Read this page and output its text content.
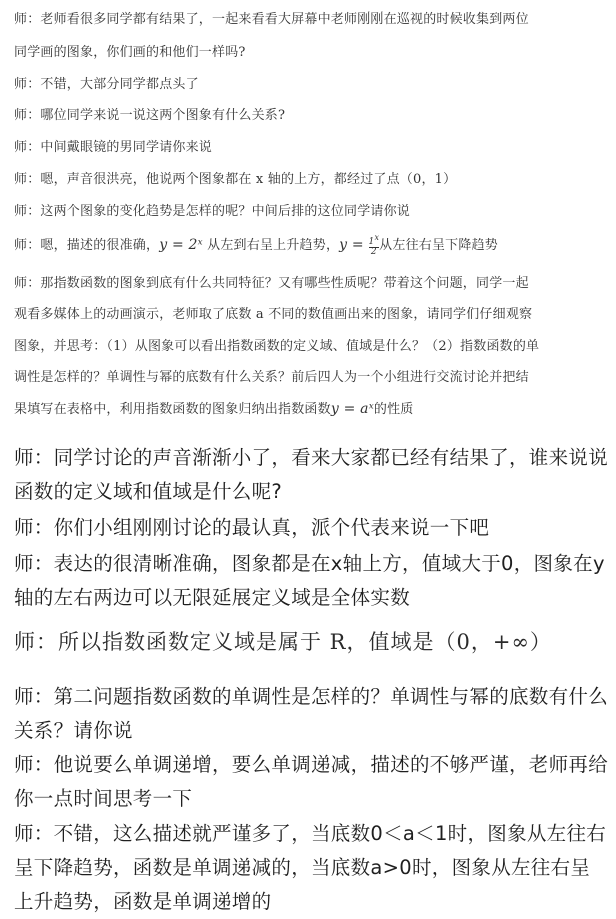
师：老师看很多同学都有结果了，一起来看看大屏幕中老师刚刚在巡视的时候收集到两位
同学画的图象，你们画的和他们一样吗?
师：不错，大部分同学都点头了
师：哪位同学来说一说这两个图象有什么关系?
师：中间戴眼镜的男同学请你来说
师：嗯，声音很洪亮，他说两个图象都在 x 轴的上方，都经过了点（0，1）
师：这两个图象的变化趋势是怎样的呢？中间后排的这位同学请你说
师：嗯，描述的很准确，y = 2ˣ 从左到右呈上升趋势，$y = \frac{1^x}{2}$ 从左往右呈下降趋势
师：那指数函数的图象到底有什么共同特征？又有哪些性质呢？带着这个问题，同学一起
观看多媒体上的动画演示，老师取了底数 a 不同的数值画出来的图象，请同学们仔细观察
图象，并思考：（1）从图象可以看出指数函数的定义域、值域是什么？（2）指数函数的单
调性是怎样的？单调性与幂的底数有什么关系？前后四人为一个小组进行交流讨论并把结
果填写在表格中，利用指数函数的图象归纳出指数函数y = aˣ的性质
师：同学讨论的声音渐渐小了，看来大家都已经有结果了，谁来说说函数的定义域和值域是什么呢?
师：你们小组刚刚讨论的最认真，派个代表来说一下吧
师：表达的很清晰准确，图象都是在x轴上方，值域大于0，图象在y轴的左右两边可以无限延展定义域是全体实数
师：所以指数函数定义域是属于 R，值域是（0，+∞）
师：第二问题指数函数的单调性是怎样的？单调性与幂的底数有什么关系？请你说
师：他说要么单调递增，要么单调递减，描述的不够严谨，老师再给你一点时间思考一下
师：不错，这么描述就严谨多了，当底数0＜a＜1时，图象从左往右呈下降趋势，函数是单调递减的，当底数a>0时，图象从左往右呈上升趋势，函数是单调递增的
